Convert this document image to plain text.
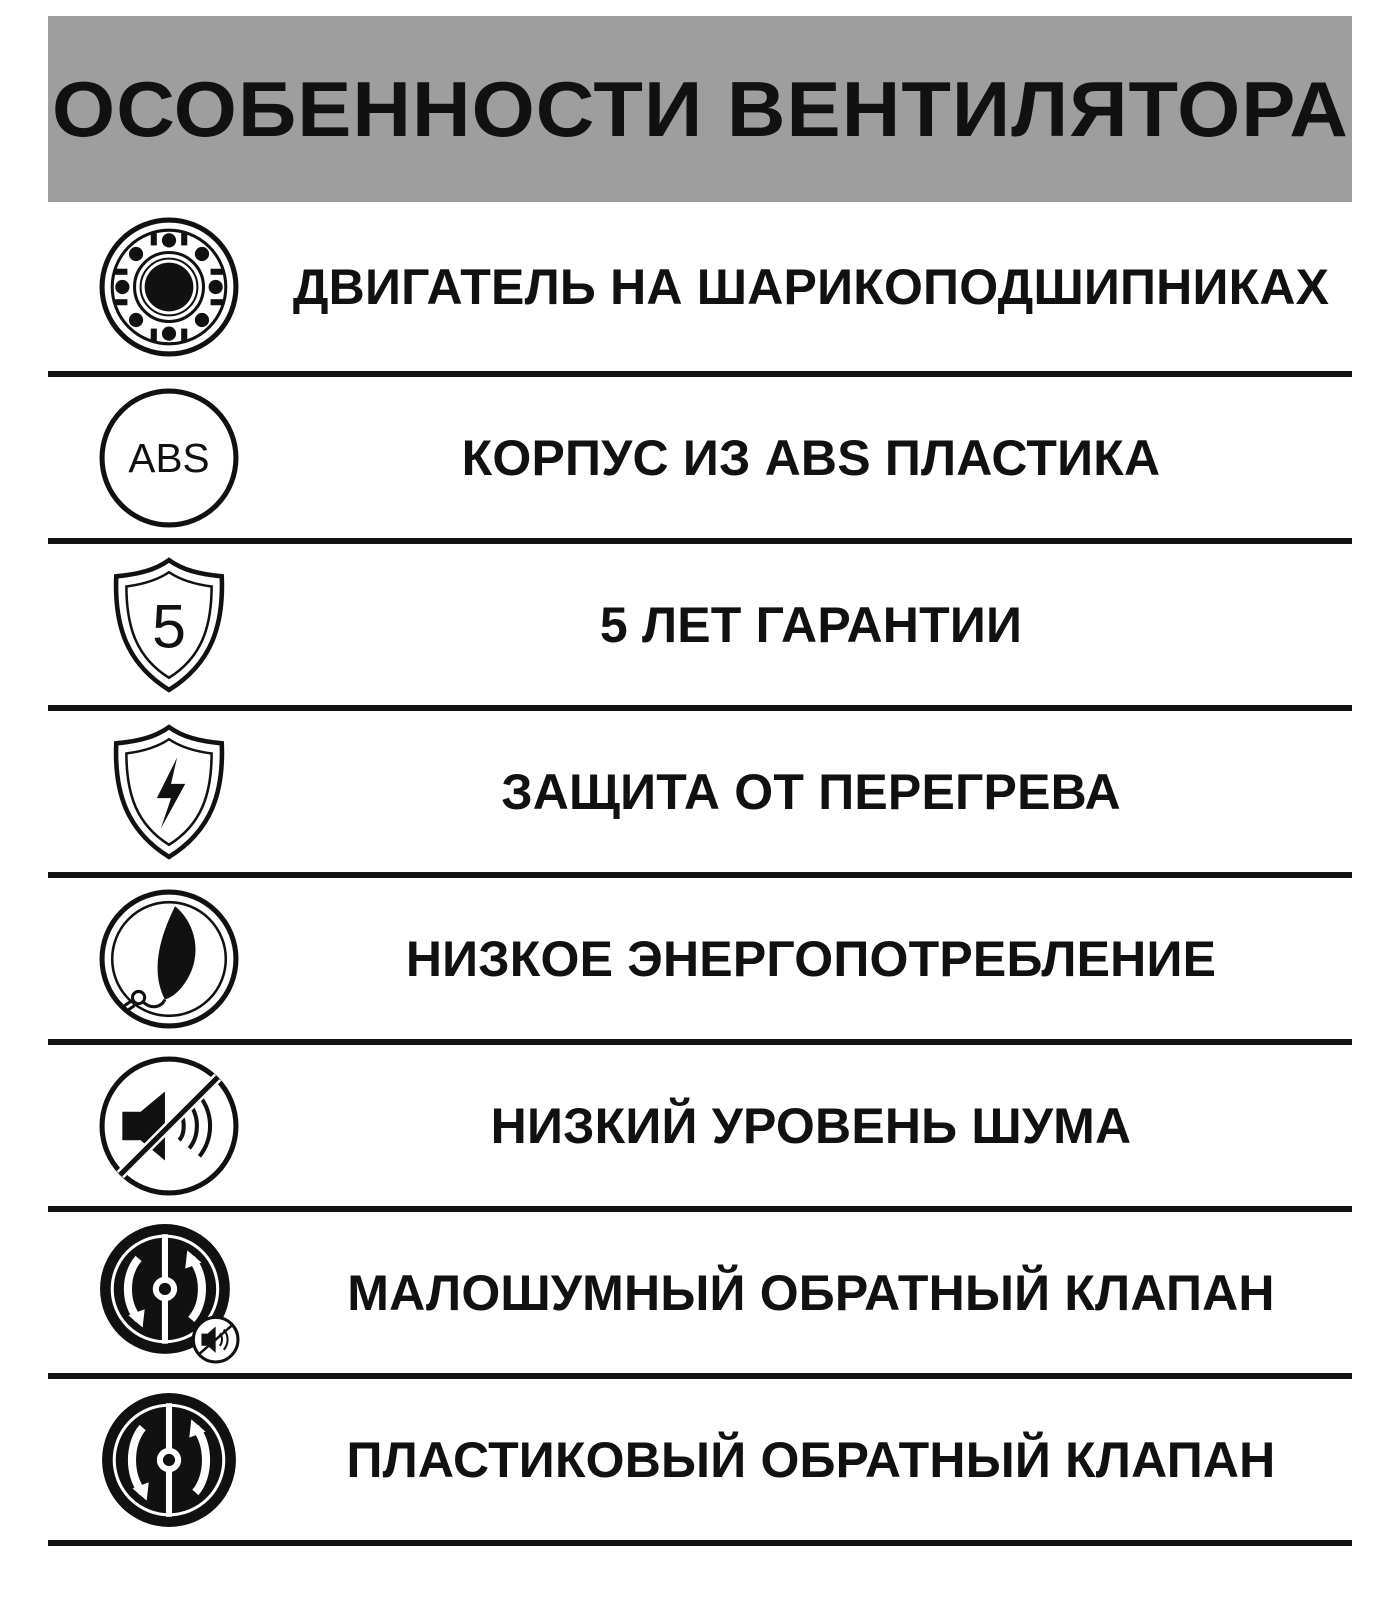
ОСОБЕННОСТИ ВЕНТИЛЯТОРА
ДВИГАТЕЛЬ НА ШАРИКОПОДШИПНИКАХ
ABS	КОРПУС ИЗ ABS ПЛАСТИКА
5	5 ЛЕТ ГАРАНТИИ
ЗАЩИТА ОТ ПЕРЕГРЕВА
НИЗКОЕ ЭНЕРГОПОТРЕБЛЕНИЕ
НИЗКИЙ УРОВЕНЬ ШУМА
МАЛОШУМНЫЙ ОБРАТНЫЙ КЛАПАН
ПЛАСТИКОВЫЙ ОБРАТНЫЙ КЛАПАН
